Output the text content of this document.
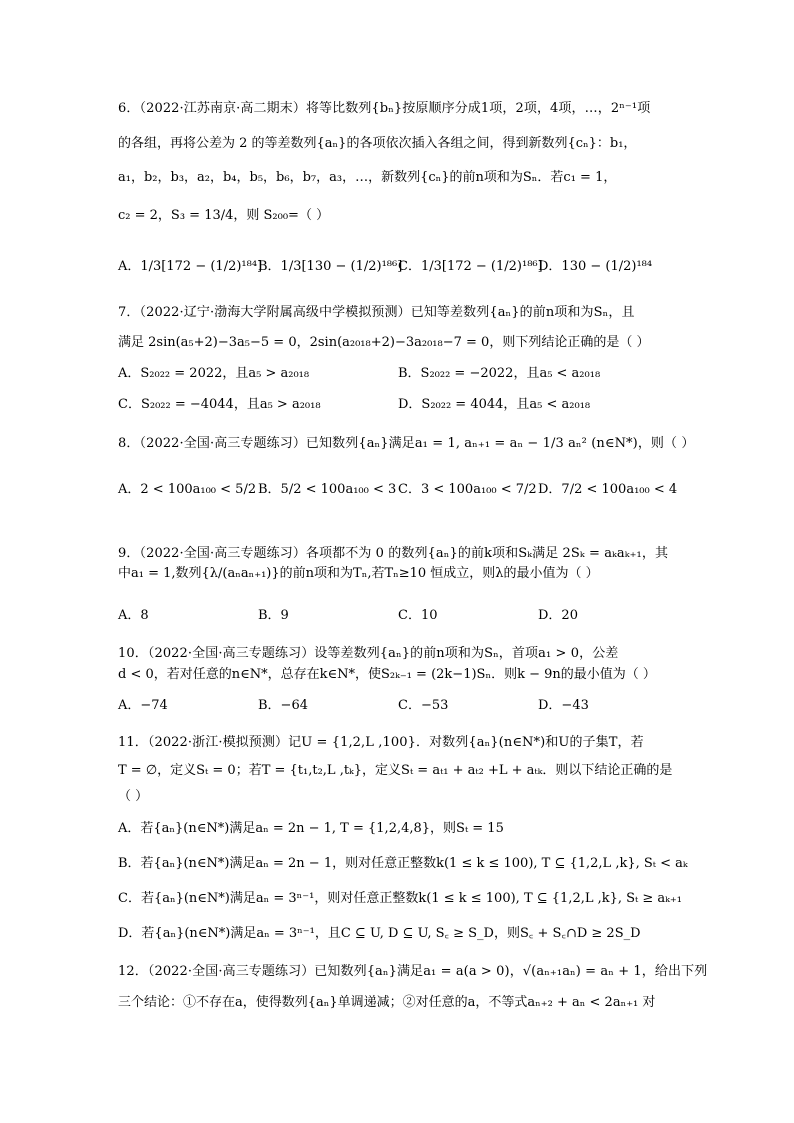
6．（2022·江苏南京·高二期末）将等比数列{bₙ}按原顺序分成1项，2项，4项，…，2ⁿ⁻¹项
的各组，再将公差为 2 的等差数列{aₙ}的各项依次插入各组之间，得到新数列{cₙ}：b₁，
a₁，b₂，b₃，a₂，b₄，b₅，b₆，b₇，a₃，…，新数列{cₙ}的前n项和为Sₙ．若c₁ = 1，
c₂ = 2，S₃ = 13/4，则 S₂₀₀=（ ）
A．1/3[172 − (1/2)¹⁸⁴]
B．1/3[130 − (1/2)¹⁸⁶]
C．1/3[172 − (1/2)¹⁸⁶]
D．130 − (1/2)¹⁸⁴
7．（2022·辽宁·渤海大学附属高级中学模拟预测）已知等差数列{aₙ}的前n项和为Sₙ，且
满足 2sin(a₅+2)−3a₅−5 = 0，2sin(a₂₀₁₈+2)−3a₂₀₁₈−7 = 0，则下列结论正确的是（ ）
A．S₂₀₂₂ = 2022，且a₅ > a₂₀₁₈	B．S₂₀₂₂ = −2022，且a₅ < a₂₀₁₈
C．S₂₀₂₂ = −4044，且a₅ > a₂₀₁₈	D．S₂₀₂₂ = 4044，且a₅ < a₂₀₁₈
8．（2022·全国·高三专题练习）已知数列{aₙ}满足a₁ = 1, aₙ₊₁ = aₙ − 1/3 aₙ² (n∈N*)，则（ ）
A．2 < 100a₁₀₀ < 5/2 B．5/2 < 100a₁₀₀ < 3 C．3 < 100a₁₀₀ < 7/2 D．7/2 < 100a₁₀₀ < 4
9．（2022·全国·高三专题练习）各项都不为 0 的数列{aₙ}的前k项和Sₖ满足 2Sₖ = aₖaₖ₊₁，其
中a₁ = 1,数列{λ/(aₙaₙ₊₁)}的前n项和为Tₙ,若Tₙ≥10 恒成立，则λ的最小值为（ ）
A．8	B．9	C．10	D．20
10．（2022·全国·高三专题练习）设等差数列{aₙ}的前n项和为Sₙ，首项a₁ > 0，公差
d < 0，若对任意的n∈N*，总存在k∈N*，使S₂ₖ₋₁ = (2k−1)Sₙ．则k − 9n的最小值为（ ）
A．−74	B．−64	C．−53	D．−43
11．（2022·浙江·模拟预测）记U = {1,2,L ,100}．对数列{aₙ}(n∈N*)和U的子集T，若
T = ∅，定义Sₜ = 0；若T = {t₁,t₂,L ,tₖ}，定义Sₜ = aₜ₁ + aₜ₂ +L + aₜₖ．则以下结论正确的是
（ ）
A．若{aₙ}(n∈N*)满足aₙ = 2n − 1, T = {1,2,4,8}，则Sₜ = 15
B．若{aₙ}(n∈N*)满足aₙ = 2n − 1，则对任意正整数k(1 ≤ k ≤ 100), T ⊆ {1,2,L ,k}, Sₜ < aₖ
C．若{aₙ}(n∈N*)满足aₙ = 3ⁿ⁻¹，则对任意正整数k(1 ≤ k ≤ 100), T ⊆ {1,2,L ,k}, Sₜ ≥ aₖ₊₁
D．若{aₙ}(n∈N*)满足aₙ = 3ⁿ⁻¹，且C ⊆ U, D ⊆ U, S꜀ ≥ S_D，则S꜀ + S꜀∩D ≥ 2S_D
12．（2022·全国·高三专题练习）已知数列{aₙ}满足a₁ = a(a > 0)，√(aₙ₊₁aₙ) = aₙ + 1，给出下列
三个结论：①不存在a，使得数列{aₙ}单调递减；②对任意的a，不等式aₙ₊₂ + aₙ < 2aₙ₊₁ 对
